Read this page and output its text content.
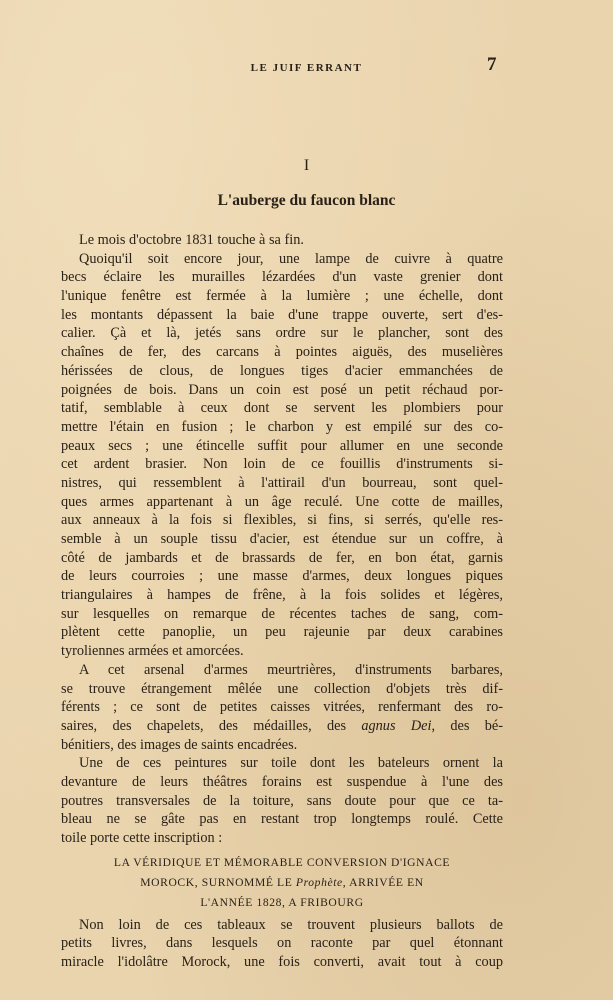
LE JUIF ERRANT	7
I
L'auberge du faucon blanc
Le mois d'octobre 1831 touche à sa fin.
Quoiqu'il soit encore jour, une lampe de cuivre à quatre
becs éclaire les murailles lézardées d'un vaste grenier dont
l'unique fenêtre est fermée à la lumière ; une échelle, dont
les montants dépassent la baie d'une trappe ouverte, sert d'es-
calier. Çà et là, jetés sans ordre sur le plancher, sont des
chaînes de fer, des carcans à pointes aiguës, des muselières
hérissées de clous, de longues tiges d'acier emmanchées de
poignées de bois. Dans un coin est posé un petit réchaud por-
tatif, semblable à ceux dont se servent les plombiers pour
mettre l'étain en fusion ; le charbon y est empilé sur des co-
peaux secs ; une étincelle suffit pour allumer en une seconde
cet ardent brasier. Non loin de ce fouillis d'instruments si-
nistres, qui ressemblent à l'attirail d'un bourreau, sont quel-
ques armes appartenant à un âge reculé. Une cotte de mailles,
aux anneaux à la fois si flexibles, si fins, si serrés, qu'elle res-
semble à un souple tissu d'acier, est étendue sur un coffre, à
côté de jambards et de brassards de fer, en bon état, garnis
de leurs courroies ; une masse d'armes, deux longues piques
triangulaires à hampes de frêne, à la fois solides et légères,
sur lesquelles on remarque de récentes taches de sang, com-
plètent cette panoplie, un peu rajeunie par deux carabines
tyroliennes armées et amorcées.
A cet arsenal d'armes meurtrières, d'instruments barbares,
se trouve étrangement mêlée une collection d'objets très dif-
férents ; ce sont de petites caisses vitrées, renfermant des ro-
saires, des chapelets, des médailles, des agnus Dei, des bé-
bénitiers, des images de saints encadrées.
Une de ces peintures sur toile dont les bateleurs ornent la
devanture de leurs théâtres forains est suspendue à l'une des
poutres transversales de la toiture, sans doute pour que ce ta-
bleau ne se gâte pas en restant trop longtemps roulé. Cette
toile porte cette inscription :
LA VÉRIDIQUE ET MÉMORABLE CONVERSION D'IGNACE
MOROCK, SURNOMMÉ LE Prophète, ARRIVÉE EN
L'ANNÉE 1828, A FRIBOURG
Non loin de ces tableaux se trouvent plusieurs ballots de
petits livres, dans lesquels on raconte par quel étonnant
miracle l'idolâtre Morock, une fois converti, avait tout à coup
